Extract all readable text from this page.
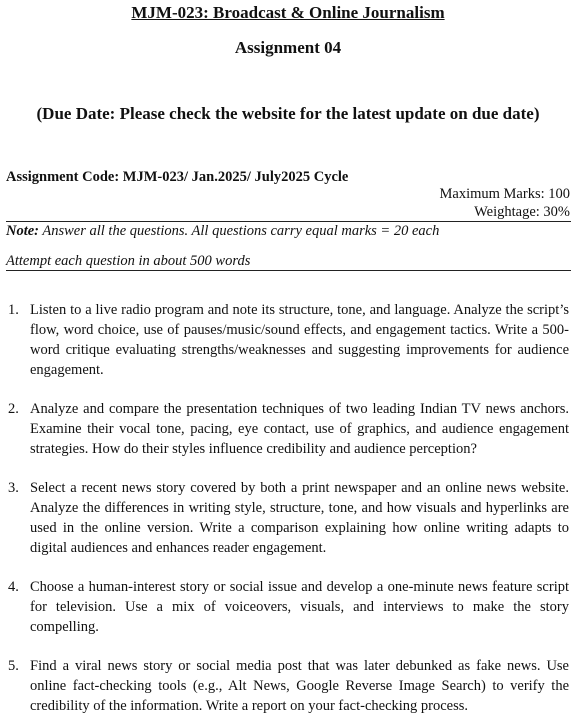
MJM-023: Broadcast & Online Journalism
Assignment 04
(Due Date: Please check the website for the latest update on due date)
Assignment Code: MJM-023/ Jan.2025/ July2025 Cycle
Maximum Marks: 100
Weightage: 30%
Note: Answer all the questions. All questions carry equal marks = 20 each
Attempt each question in about 500 words
1. Listen to a live radio program and note its structure, tone, and language. Analyze the script’s flow, word choice, use of pauses/music/sound effects, and engagement tactics. Write a 500-word critique evaluating strengths/weaknesses and suggesting improvements for audience engagement.
2. Analyze and compare the presentation techniques of two leading Indian TV news anchors. Examine their vocal tone, pacing, eye contact, use of graphics, and audience engagement strategies. How do their styles influence credibility and audience perception?
3. Select a recent news story covered by both a print newspaper and an online news website. Analyze the differences in writing style, structure, tone, and how visuals and hyperlinks are used in the online version. Write a comparison explaining how online writing adapts to digital audiences and enhances reader engagement.
4. Choose a human-interest story or social issue and develop a one-minute news feature script for television. Use a mix of voiceovers, visuals, and interviews to make the story compelling.
5. Find a viral news story or social media post that was later debunked as fake news. Use online fact-checking tools (e.g., Alt News, Google Reverse Image Search) to verify the credibility of the information. Write a report on your fact-checking process.
